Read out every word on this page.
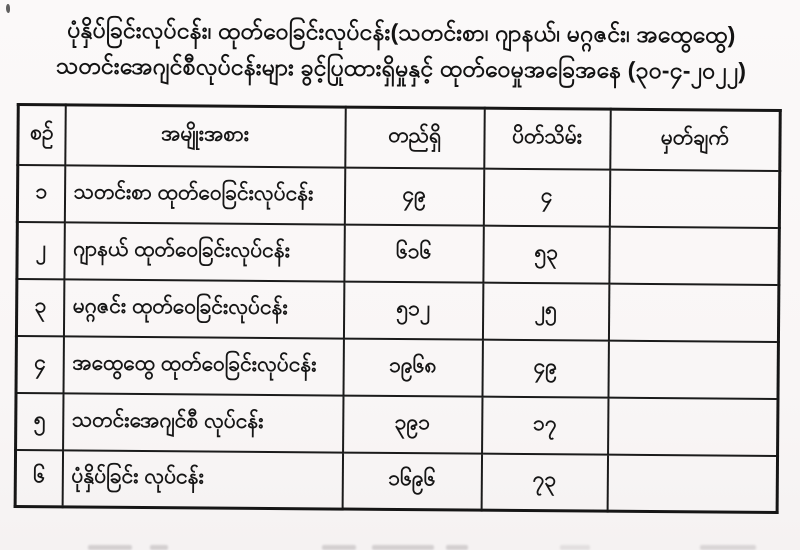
ပုံနှိပ်ခြင်းလုပ်ငန်း၊ ထုတ်ဝေခြင်းလုပ်ငန်း(သတင်းစာ၊ ဂျာနယ်၊ မဂ္ဂဇင်း၊ အထွေထွေ)
သတင်းအေဂျင်စီလုပ်ငန်းများ ခွင့်ပြုထားရှိမှုနှင့် ထုတ်ဝေမှုအခြေအနေ (၃၀-၄-၂၀၂၂)
စဉ်	အမျိုးအစား	တည်ရှိ	ပိတ်သိမ်း	မှတ်ချက်
၁	သတင်းစာ ထုတ်ဝေခြင်းလုပ်ငန်း	၄၉	၄	
၂	ဂျာနယ် ထုတ်ဝေခြင်းလုပ်ငန်း	၆၁၆	၅၃	
၃	မဂ္ဂဇင်း ထုတ်ဝေခြင်းလုပ်ငန်း	၅၁၂	၂၅	
၄	အထွေထွေ ထုတ်ဝေခြင်းလုပ်ငန်း	၁၉၆၈	၄၉	
၅	သတင်းအေဂျင်စီ လုပ်ငန်း	၃၉၁	၁၇	
၆	ပုံနှိပ်ခြင်း လုပ်ငန်း	၁၆၉၆	၇၃	
